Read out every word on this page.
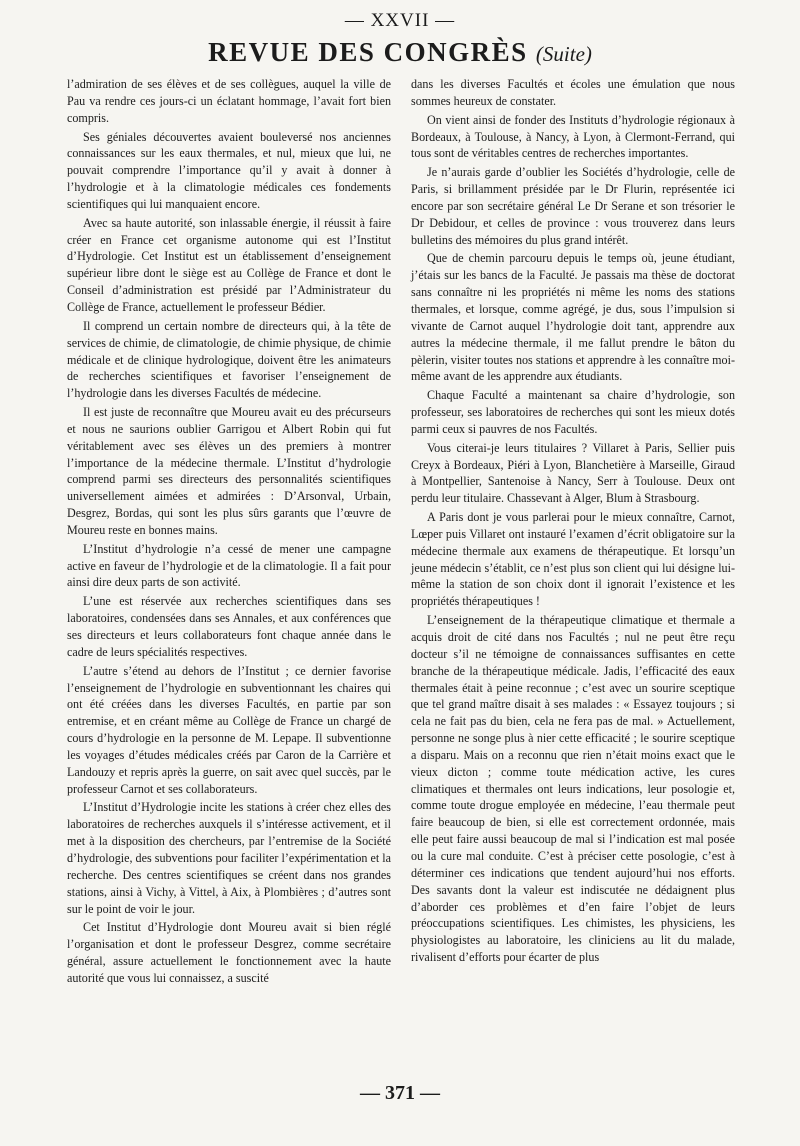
— XXVII —
REVUE DES CONGRÈS (Suite)

l’admiration de ses élèves et de ses collègues, auquel la ville de Pau va rendre ces jours-ci un éclatant hommage, l’avait fort bien compris.

Ses géniales découvertes avaient bouleversé nos anciennes connaissances sur les eaux thermales, et nul, mieux que lui, ne pouvait comprendre l’importance qu’il y avait à donner à l’hydrologie et à la climatologie médicales ces fondements scientifiques qui lui manquaient encore.

Avec sa haute autorité, son inlassable énergie, il réussit à faire créer en France cet organisme autonome qui est l’Institut d’Hydrologie. Cet Institut est un établissement d’enseignement supérieur libre dont le siège est au Collège de France et dont le Conseil d’administration est présidé par l’Administrateur du Collège de France, actuellement le professeur Bédier.

Il comprend un certain nombre de directeurs qui, à la tête de services de chimie, de climatologie, de chimie physique, de chimie médicale et de clinique hydrologique, doivent être les animateurs de recherches scientifiques et favoriser l’enseignement de l’hydrologie dans les diverses Facultés de médecine.

Il est juste de reconnaître que Moureu avait eu des précurseurs et nous ne saurions oublier Garrigou et Albert Robin qui fut véritablement avec ses élèves un des premiers à montrer l’importance de la médecine thermale. L’Institut d’hydrologie comprend parmi ses directeurs des personnalités scientifiques universellement aimées et admirées : D’Arsonval, Urbain, Desgrez, Bordas, qui sont les plus sûrs garants que l’œuvre de Moureu reste en bonnes mains.

L’Institut d’hydrologie n’a cessé de mener une campagne active en faveur de l’hydrologie et de la climatologie. Il a fait pour ainsi dire deux parts de son activité.

L’une est réservée aux recherches scientifiques dans ses laboratoires, condensées dans ses Annales, et aux conférences que ses directeurs et leurs collaborateurs font chaque année dans le cadre de leurs spécialités respectives.

L’autre s’étend au dehors de l’Institut ; ce dernier favorise l’enseignement de l’hydrologie en subventionnant les chaires qui ont été créées dans les diverses Facultés, en partie par son entremise, et en créant même au Collège de France un chargé de cours d’hydrologie en la personne de M. Lepape. Il subventionne les voyages d’études médicales créés par Caron de la Carrière et Landouzy et repris après la guerre, on sait avec quel succès, par le professeur Carnot et ses collaborateurs.

L’Institut d’Hydrologie incite les stations à créer chez elles des laboratoires de recherches auxquels il s’intéresse activement, et il met à la disposition des chercheurs, par l’entremise de la Société d’hydrologie, des subventions pour faciliter l’expérimentation et la recherche. Des centres scientifiques se créent dans nos grandes stations, ainsi à Vichy, à Vittel, à Aix, à Plombières ; d’autres sont sur le point de voir le jour.

Cet Institut d’Hydrologie dont Moureu avait si bien réglé l’organisation et dont le professeur Desgrez, comme secrétaire général, assure actuellement le fonctionnement avec la haute autorité que vous lui connaissez, a suscité

dans les diverses Facultés et écoles une émulation que nous sommes heureux de constater.

On vient ainsi de fonder des Instituts d’hydrologie régionaux à Bordeaux, à Toulouse, à Nancy, à Lyon, à Clermont-Ferrand, qui tous sont de véritables centres de recherches importantes.

Je n’aurais garde d’oublier les Sociétés d’hydrologie, celle de Paris, si brillamment présidée par le Dr Flurin, représentée ici encore par son secrétaire général Le Dr Serane et son trésorier le Dr Debidour, et celles de province : vous trouverez dans leurs bulletins des mémoires du plus grand intérêt.

Que de chemin parcouru depuis le temps où, jeune étudiant, j’étais sur les bancs de la Faculté. Je passais ma thèse de doctorat sans connaître ni les propriétés ni même les noms des stations thermales, et lorsque, comme agrégé, je dus, sous l’impulsion si vivante de Carnot auquel l’hydrologie doit tant, apprendre aux autres la médecine thermale, il me fallut prendre le bâton du pèlerin, visiter toutes nos stations et apprendre à les connaître moi-même avant de les apprendre aux étudiants.

Chaque Faculté a maintenant sa chaire d’hydrologie, son professeur, ses laboratoires de recherches qui sont les mieux dotés parmi ceux si pauvres de nos Facultés.

Vous citerai-je leurs titulaires ? Villaret à Paris, Sellier puis Creyx à Bordeaux, Piéri à Lyon, Blanchetière à Marseille, Giraud à Montpellier, Santenoise à Nancy, Serr à Toulouse. Deux ont perdu leur titulaire. Chassevant à Alger, Blum à Strasbourg.

A Paris dont je vous parlerai pour le mieux connaître, Carnot, Lœper puis Villaret ont instauré l’examen d’écrit obligatoire sur la médecine thermale aux examens de thérapeutique. Et lorsqu’un jeune médecin s’établit, ce n’est plus son client qui lui désigne lui-même la station de son choix dont il ignorait l’existence et les propriétés thérapeutiques !

L’enseignement de la thérapeutique climatique et thermale a acquis droit de cité dans nos Facultés ; nul ne peut être reçu docteur s’il ne témoigne de connaissances suffisantes en cette branche de la thérapeutique médicale. Jadis, l’efficacité des eaux thermales était à peine reconnue ; c’est avec un sourire sceptique que tel grand maître disait à ses malades : « Essayez toujours ; si cela ne fait pas du bien, cela ne fera pas de mal. » Actuellement, personne ne songe plus à nier cette efficacité ; le sourire sceptique a disparu. Mais on a reconnu que rien n’était moins exact que le vieux dicton ; comme toute médication active, les cures climatiques et thermales ont leurs indications, leur posologie et, comme toute drogue employée en médecine, l’eau thermale peut faire beaucoup de bien, si elle est correctement ordonnée, mais elle peut faire aussi beaucoup de mal si l’indication est mal posée ou la cure mal conduite. C’est à préciser cette posologie, c’est à déterminer ces indications que tendent aujourd’hui nos efforts. Des savants dont la valeur est indiscutée ne dédaignent plus d’aborder ces problèmes et d’en faire l’objet de leurs préoccupations scientifiques. Les chimistes, les physiciens, les physiologistes au laboratoire, les cliniciens au lit du malade, rivalisent d’efforts pour écarter de plus

— 371 —
